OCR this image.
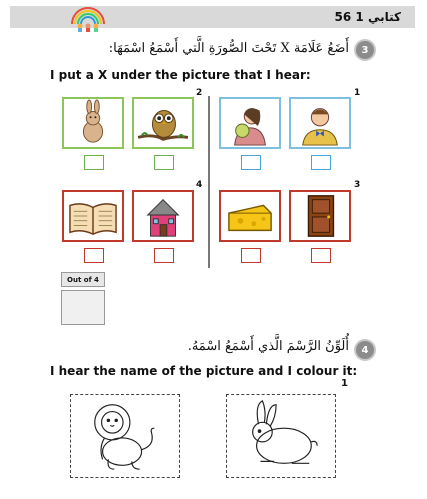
كتابي 1 56
3
أَضَعُ عَلَامَة X تَحْتَ الصُّورَةِ الَّتي أَسْمَعُ اسْمَهَا:
I put a X under the picture that I hear:
2	1
4	3
Out of 4
4
أُلَوِّنُ الرَّسْمَ الَّذي أَسْمَعُ اسْمَهُ.
I hear the name of the picture and I colour it:
1
